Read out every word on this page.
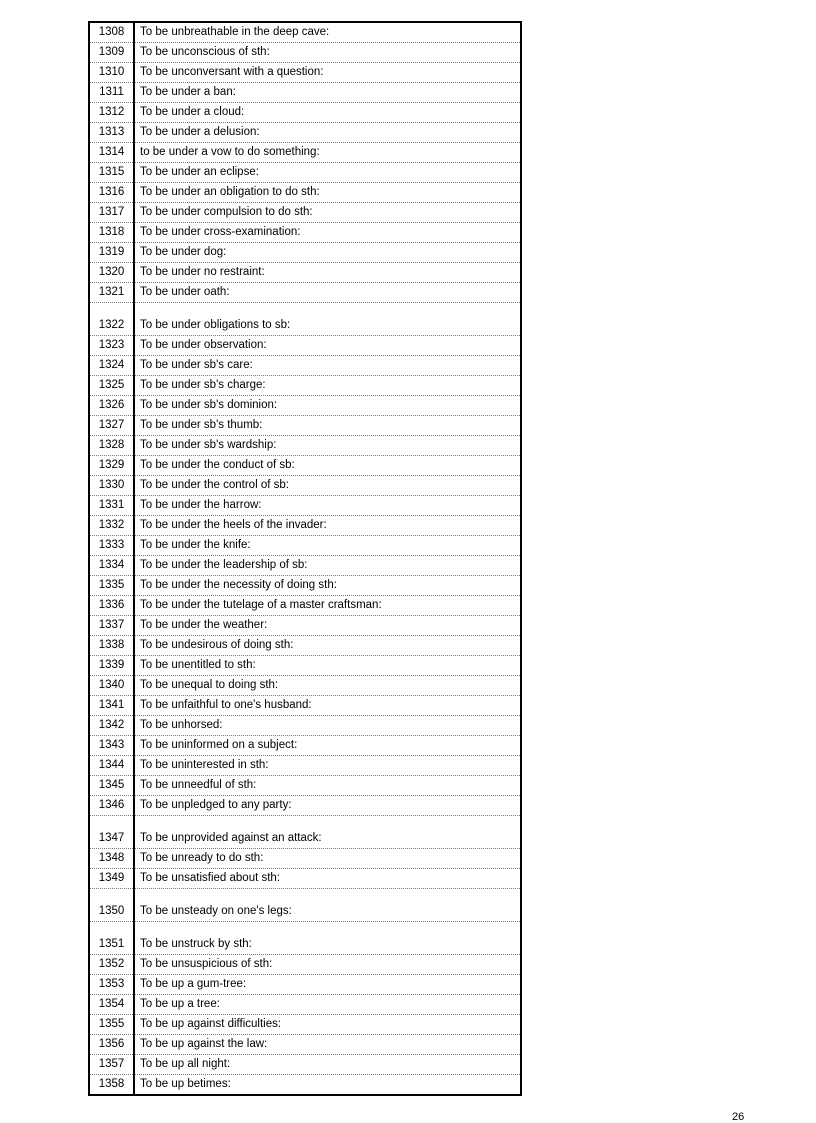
1308	To be unbreathable in the deep cave:
1309	To be unconscious of sth:
1310	To be unconversant with a question:
1311	To be under a ban:
1312	To be under a cloud:
1313	To be under a delusion:
1314	to be under a vow to do something:
1315	To be under an eclipse:
1316	To be under an obligation to do sth:
1317	To be under compulsion to do sth:
1318	To be under cross-examination:
1319	To be under dog:
1320	To be under no restraint:
1321	To be under oath:
1322	To be under obligations to sb:
1323	To be under observation:
1324	To be under sb's care:
1325	To be under sb's charge:
1326	To be under sb's dominion:
1327	To be under sb's thumb:
1328	To be under sb's wardship:
1329	To be under the conduct of sb:
1330	To be under the control of sb:
1331	To be under the harrow:
1332	To be under the heels of the invader:
1333	To be under the knife:
1334	To be under the leadership of sb:
1335	To be under the necessity of doing sth:
1336	To be under the tutelage of a master craftsman:
1337	To be under the weather:
1338	To be undesirous of doing sth:
1339	To be unentitled to sth:
1340	To be unequal to doing sth:
1341	To be unfaithful to one's husband:
1342	To be unhorsed:
1343	To be uninformed on a subject:
1344	To be uninterested in sth:
1345	To be unneedful of sth:
1346	To be unpledged to any party:
1347	To be unprovided against an attack:
1348	To be unready to do sth:
1349	To be unsatisfied about sth:
1350	To be unsteady on one's legs:
1351	To be unstruck by sth:
1352	To be unsuspicious of sth:
1353	To be up a gum-tree:
1354	To be up a tree:
1355	To be up against difficulties:
1356	To be up against the law:
1357	To be up all night:
1358	To be up betimes:
26
